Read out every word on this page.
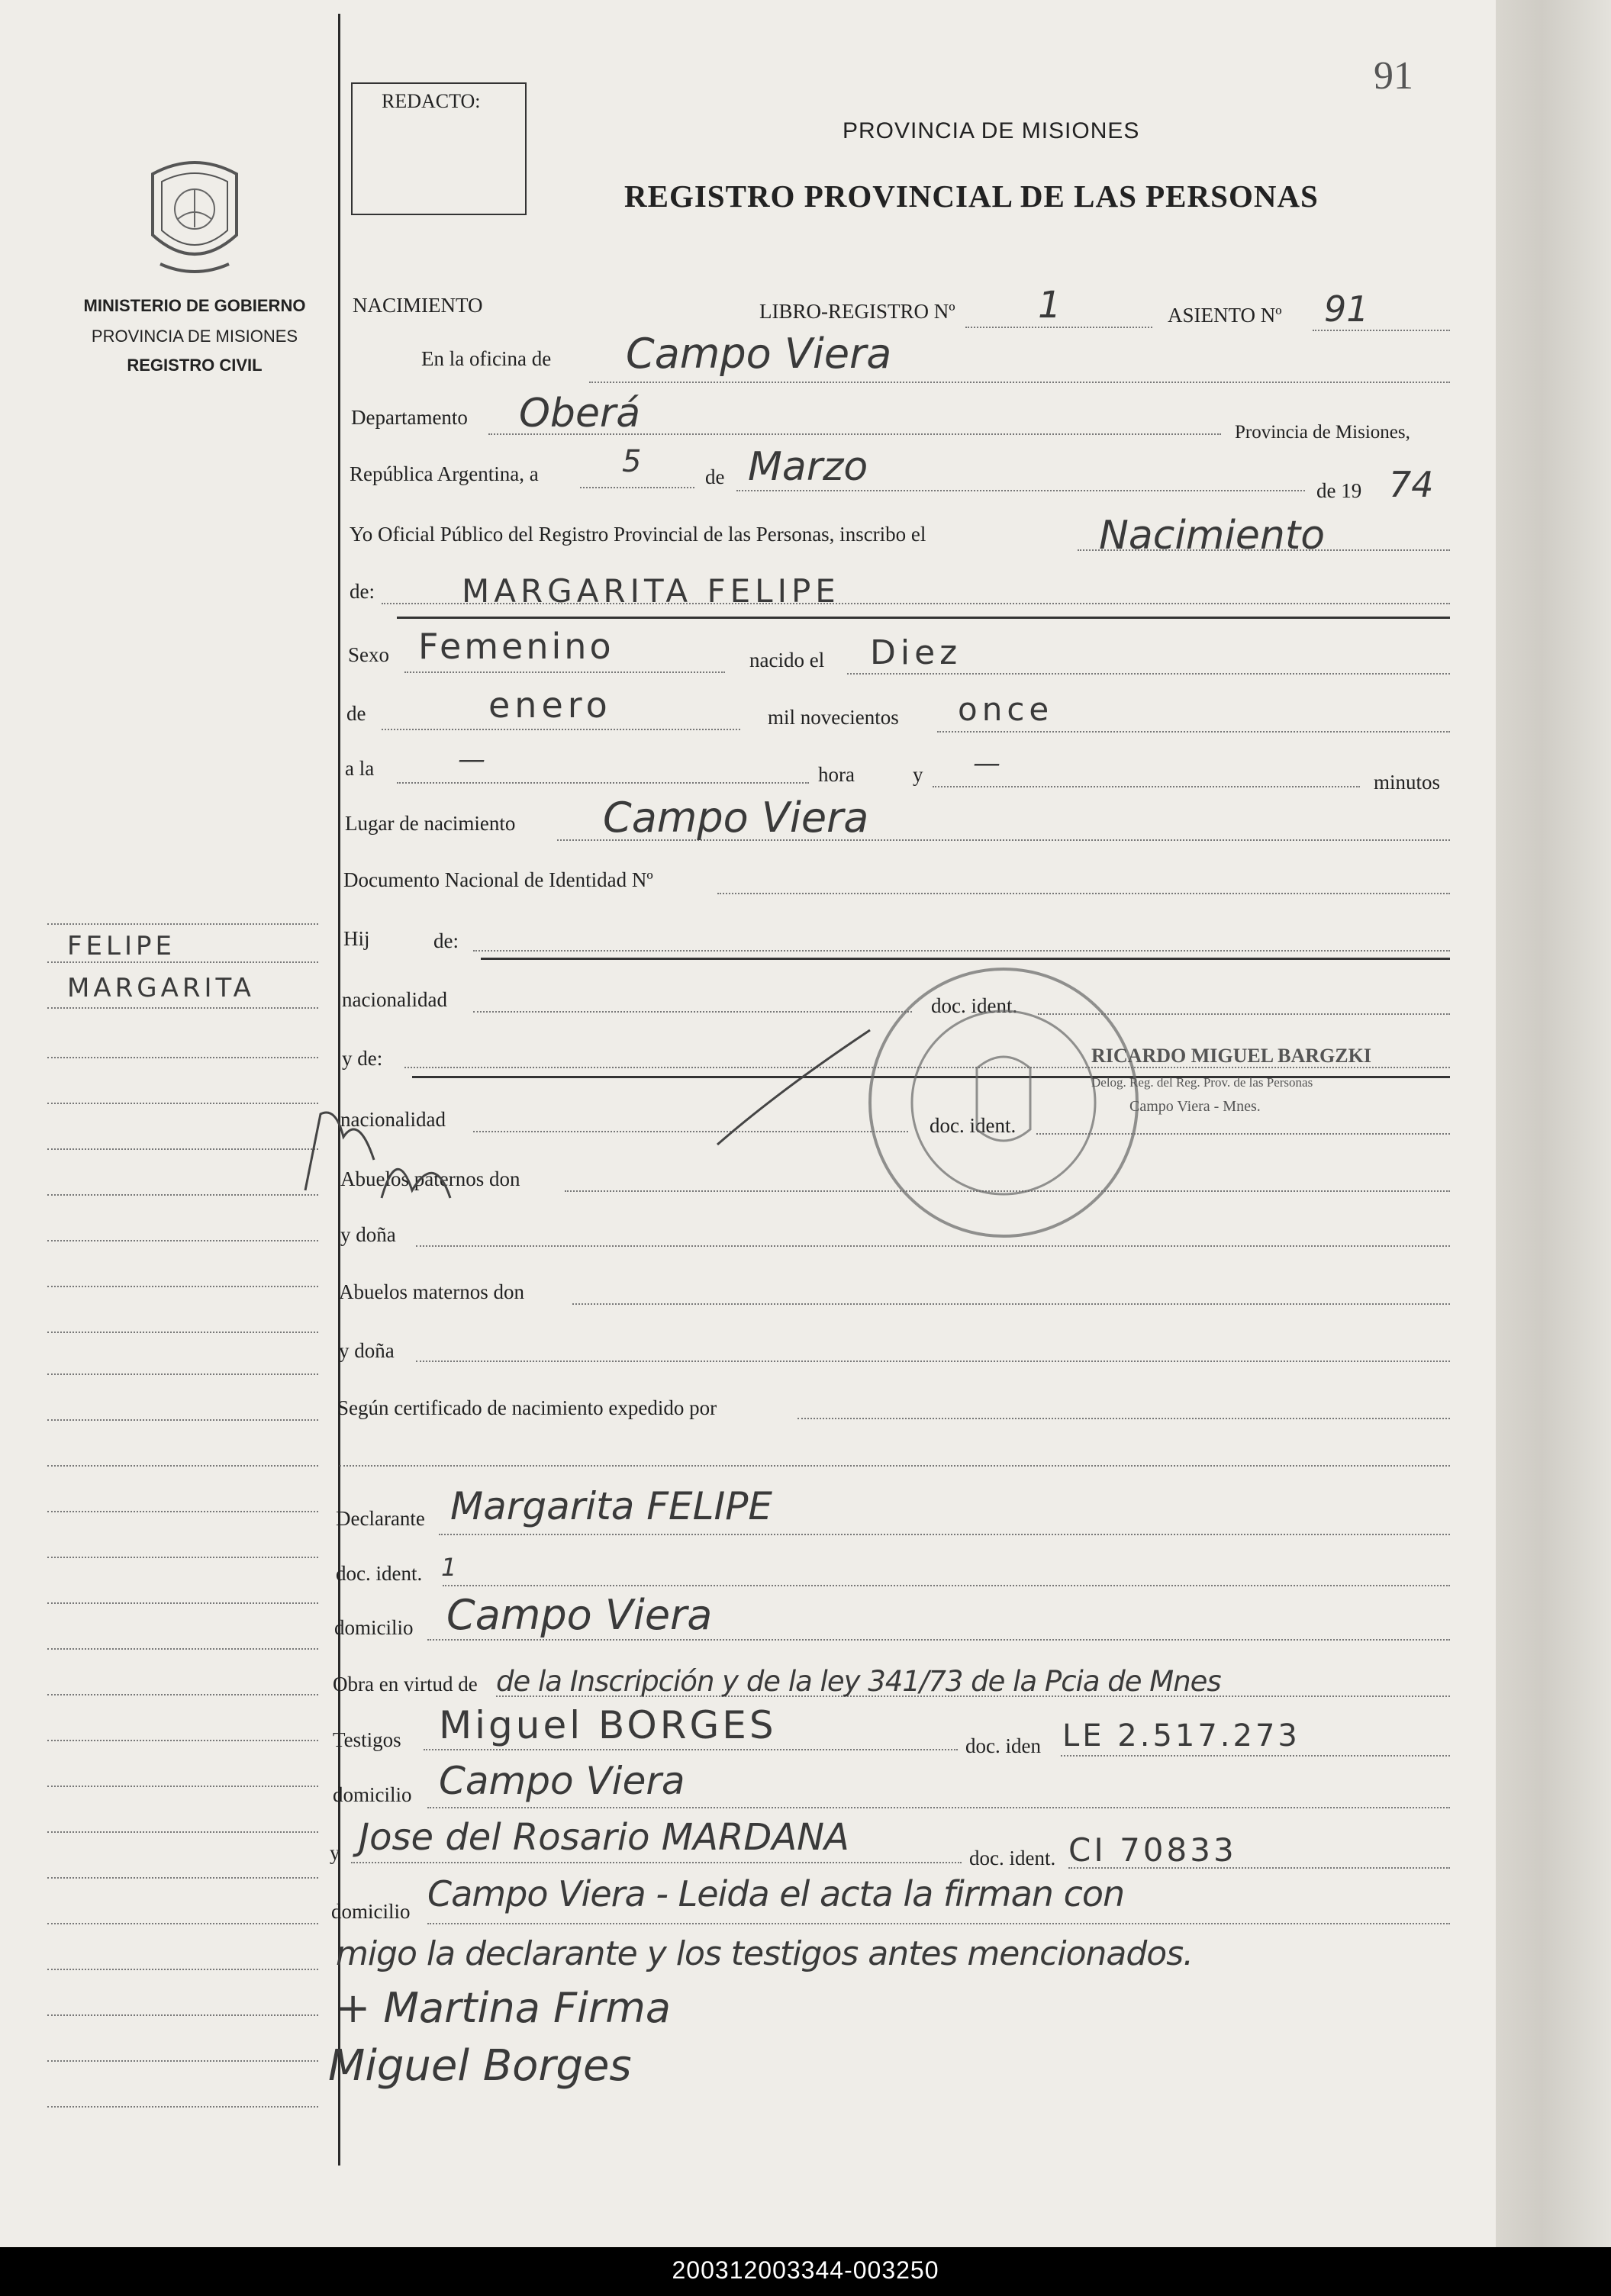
91
REDACTO:
PROVINCIA DE MISIONES
REGISTRO PROVINCIAL DE LAS PERSONAS
MINISTERIO DE GOBIERNO
PROVINCIA DE MISIONES
REGISTRO CIVIL
FELIPE
MARGARITA
NACIMIENTO	LIBRO-REGISTRO Nº 1	ASIENTO Nº 91
En la oficina de Campo Viera
Departamento Oberá	Provincia de Misiones,
República Argentina, a	5	de Marzo
de 19 74
Yo Oficial Público del Registro Provincial de las Personas, inscribo el	Nacimiento
de:	MARGARITA FELIPE
Sexo Femenino	nacido el Diez
de	enero	mil novecientos once
a la	—	hora	y —
minutos
Lugar de nacimiento Campo Viera
Documento Nacional de Identidad Nº
Hij	de:
nacionalidad	doc. ident.
y de:
nacionalidad	doc. ident.
Abuelos paternos don
y doña
Abuelos maternos don
y doña
Según certificado de nacimiento expedido por
Declarante Margarita FELIPE
doc. ident. 1
domicilio Campo Viera
Obra en virtud de de la Inscripción y de la ley 341/73 de la Pcia de Mnes
Testigos Miguel BORGES	doc. iden LE 2.517.273
domicilio Campo Viera
y Jose del Rosario MARDANA	doc. ident. CI 70833
domicilio Campo Viera - Leida el acta la firman con
migo la declarante y los testigos antes mencionados.
+ Martina Firma
Miguel Borges
RICARDO MIGUEL BARGZKI
Delog. Reg. del Reg. Prov. de las Personas
Campo Viera - Mnes.
200312003344-003250
